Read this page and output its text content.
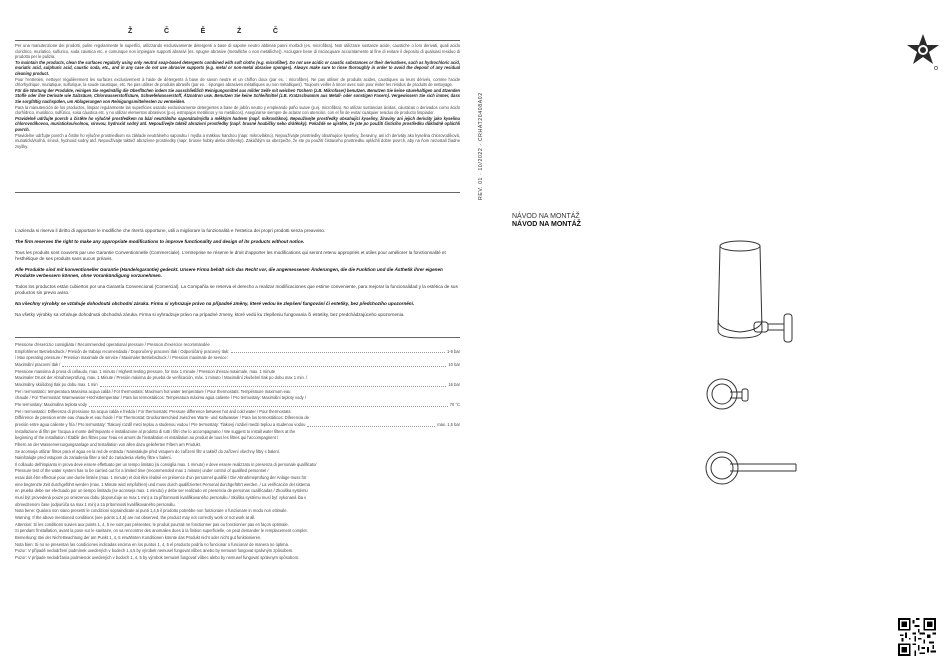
Ž	Č	Ě	Ź	Č

Per una manutenzione dei prodotti, pulire regolarmente le superfici, utilizzando esclusivamente detergenti a base di sapone neutro abbinati panni morbidi (es. microfibra). Non utilizzare sostanze acide, caustiche o loro derivati, quali acido cloridrico, muriatico, sulfurico, soda caustica etc. e comunque non impiegare supporti abrasivi (es. spugne abrasive (metalliche o non metalliche)). Asciugare bene di risciacquare accuratamente al fine di evitare il deposito di qualsiasi residuo di prodotto per le pulizia.

To maintain the products, clean the surfaces regularly using only neutral soap-based detergents combined with soft cloths (e.g. microfiber). Do not use acidic or caustic substances or their derivatives, such as hydrochloric acid, muriatic acid, sulphuric acid, caustic soda, etc., and in any case do not use abrasive supports (e.g. metal or non-metal abrasive sponges). Always make sure to rinse thoroughly in order to avoid the deposit of any residual cleaning product.

Pour l'entretien, nettoyer régulièrement les surfaces exclusivement à l'aide de détergents à base de savon neutre et un chiffon doux (par ex. : microfibre). Ne pas utiliser de produits acides, caustiques ou leurs dérivés, comme l'acide chlorhydrique, muriatique, sulfurique, la soude caustique, etc. Ne pas utiliser de produits abrasifs (par ex. : éponges abrasives métalliques ou non métalliques). Toujours veiller à rincer avec soin pour éviter les résidus de produits de nettoyage.

Für die Wartung der Produkte, reinigen Sie regelmäßig die Oberflächen indem Sie ausschließlich Reinigungsmittel aus milder Seife mit weichen Tüchern (z.B. Mikrofaser) benutzen. Benutzen Sie keine säurehaltigen und ätzenden Stoffe oder ihre Derivate wie Salzsäure, Chlorwasserstoffsäure, Schwefelwasserstoff, Ätznatron usw. Benutzen Sie keine Schleifmittel (z.B. Kratzschwamm aus Metall- oder sonstigen Fasern). Vergewissern Sie sich immer, dass Sie sorgfältig nachspülen, um Ablagerungen von Reinigungsmittelresten zu vermeiden.

Para la manutención de los productos, limpiar regularmente las superficies usando exclusivamente detergentes a base de jabón neutro y empleando paño suave (p.ej. microfibra). No utilizar sustancias ácidas, cáusticas o derivados como ácido clorhídrico, muriático, sulfúrico, sosa cáustica etc. y no utilizar elementos abrasivos (p.ej. estropajos metálicos y no metálicos). Asegúrarse siempre de aclarar con atención, con el fin de evitar cualquier residuo de producto limpiador.

Pravidelně udržujte povrch a čistěte ho výlučně prostředkem na bázi neutrálního saponátu/mýdla a měkkým hadrem (např. mikrovlákno). Nepoužívejte prostředky obsahující kyseliny, žíraviny ani jejich deriváty jako kyselinu chlorovodíkovou, muriatickou/solnou, sírovou, hydroxid sodný atd. Nepoužívejte taktéž abrazivní prostředky (např. brusné houbičky nebo drátěnky). Pokaždé se ujistěte, že jste po použití čisticího prostředku důkladně opláchli povrch.

Pravidelne udržujte povrch a čistite ho výlučne prostriedkom na základe neutrálneho saponátu / mydla a mäkkou handrou (napr. mikrovlákno). Nepoužívajte prostriedky obsahujúce kyseliny, žieraviny, ani ich deriváty ako kyselina chlorovodíková, muriatická/soľná, sírová, hydroxid sodný atď. Nepoužívajte taktiež abrazívne prostriedky (napr. brúsne hubky alebo drôtenky). Zakaždým sa ubezpečte, že ste po použití čistiaceho prostriedku opláchli dobre povrch, aby na ňom nezostali žiadne zvyšky.

L'azienda si riserva il diritto di apportare le modifiche che riterrà opportune, utili a migliorare la funzionalità e l'estetica dei propri prodotti senza preavviso.

The firm reserves the right to make any appropriate modifications to improve functionality and design of its products without notice.

Tous les produits sont couverts par une Garantie Conventionnelle (Commerciale). L'entreprise se réserve le droit d'apporter les modifications qui seront retenu appropriés et utiles pour améliorer la fonctionnalité et l'esthétique de ses produits sans aucun préavis.

Alle Produkte sind mit konventioneller Garantie (Handelsgarantie) gedeckt. Unsere Firma behält sich das Recht vor, die angemessenen Änderungen, die die Funktion und die Ästhetik ihrer eigenen Produkte verbessern können, ohne Vorankündigung vorzunehmen.

Todos los productos están cubiertos por una Garantía Convencional (Comercial). La Compañía se reserva el derecho a realizar modificaciones que estime conveniente, para mejorar la funcionalidad y la estética de sus productos sin previo aviso.

Na všechny výrobky se vztahuje dohodnutá obchodní záruka. Firma si vyhrazuje právo na případné změny, které vedou ke zlepšení fungování či estetiky, bez předchozího upozornění.

Na všetky výrobky sa vzťahuje dohodnutá obchodná záruka. Firma si vyhradzuje právo na prípadné zmeny, ktoré vedú ku zlepšeniu fungovania či estetiky, bez predchádzajúceho upozornenia.

Pressione d'esercizio consigliata / Recommended operational pressure / Pression d'exercice recommandée
Empfohlener Betriebsdruck / Presión de trabajo recomendada / Doporučený pracovní tlak / Odporúčaný pracovný tlak:	1-5 bar
/ Max operating pressure / Pression maximale de service / Maximaler Betriebsdruck / / Pression maximale de service:
Maximální pracovní tlak /	10 bar
Pressione massima di prova di collaudo, max. 1 minuto / Highest testing pressure, for max 1 minute / Pression d'essai maximale, max. 1 minute
Maximaler Druck der Abnahmeprüfung, max. 1 Minute / Presión máxima de prueba de verificación, máx. 1 minuto / Maximální zkušební tlak po dobu max 1 min. /
Maximálny skúšobný tlak po dobu max. 1 min	16 bar
Per i termostatici: temperatura Massima acqua calda / For thermostats: Maximum hot water temperature / Pour thermostats: Température maximum eau
chaude / Für Thermostat: Warmwasser-Höchsttemperatur / Para los termostáticos: Temperatura máxima agua caliente / Pro termostaty: Maximální teploty vody /
Pre termostaty: Maximálna teplota vody	70 °C
Per i termostatici: Differenza di pressione tra acqua calda e fredda / For thermostats: Pressure difference between hot and cold water / Pour thermostats:
Différence de pression entre eau chaude et eau froide / Für Thermostat: Druckunterschied zwischen Warm- und Kaltwasser / Para los termostáticos: Diferencia de
presión entre agua caliente y fría / Pro termostaty: Tlakový rozdíl mezi teplou a studenou vodou / Pre termostaty: Tlakový rozdiel medzi teplou a studenou vodou	max. 1,5 bar
Installazione di filtri per l'acqua a monte dell'impianto e installazione al prodotto di tutti i filtri che lo accompagnano / We suggest to install water filters at the
beginning of the installation / Établir des filtres pour l'eau en amont de l'installation et installation au produit de tous les filtres qui l'accompagnent /
Filtern an der Wasserversorgungsanlage und Installation von allen dazu gelieferten Filtern am Produkt.
Se aconseja utilizar filtros para el agua en la red de entrada / Nainstalujte před vstupem do zařízení filtr a taktéž do zařízení všechny filtry s balení.
Nainštalujte pred vstupom do zariadenia filter a tiež do zariadenia všetky filtre v balení.
Il collaudo dell'impianto in prova deve essere effettuato per un tempo limitato (si consiglia max. 1 minuto) e deve essere realizzato in presenza di personale qualificato/
Pressure test of the water system has to be carried out for a limited time (recommended max 1 minute) under control of qualified personnel /
essai doit être effectué pour une durée limitée (max. 1 minute) et doit être réalisé en présence d'un personnel qualifié / Die Abnahmeprüfung der Anlage muss für
eine begrenzte Zeit durchgeführt werden (max. 1 Minute wird empfohlen) und muss durch qualifiziertes Personal durchgeführt werden. / La verificación del sistema
en prueba debe ser efectuado por un tiempo limitado (se aconseja max. 1 minuto) y debe ser realizado en presencia de personas cualificadas / Zkouška systému
musí být provedená pouze po omezenou dobu (doporučuje se max 1 min) a za přítomnosti kvalifikovaného personálu / Skúška systému musí byť vykonaná iba v
obmedzenom čase (odporúča sa max 1 min) a za prítomnosti kvalifikovaného personálu.
Nota bene: Qualora non siano presenti le condizioni sopraindicate ai punti 1,4,5 il prodotto potrebbe non funzionare o funzionare in modo non ottimale.
Warning: If the above mentioned conditions (see points 1,4,5) are not observed, the product may not correctly work or not work at all.
Attention: Si les conditions suivies aux points 1, 4, 5 ne sont pas présentes, le produit pourrait ne fonctionner pas ou fonctionner pas en façon optimale.
Si pendant l'installation, avant la pose sur le sanitaire, on va rencontrer des anomalies dues à la finition superficielle, on peut demander le remplacement complet.
Bemerkung: Bei der Nicht-Beachtung der am Punkt 1, 4, 5 erwähnten Konditionen könnte das Produkt nicht oder nicht gut funktionieren.
Nota bien: Si no se presentan las condiciones indicadas encima en los puntos 1, 4, 5 el producto podría no funcionar o funcionar de manera no óptima.
Pozor: V případě nedodržení podmínek uvedených v bodech 1,4,5 by výrobek nemusel fungovat vůbec anebo by nemusel fungovat správným způsobem.
Pozor: V prípade nedodržania podmienok uvedených v bodoch 1, 4, 5 by výrobok nemusel fungovať vôbec alebo by nemusel fungovať správnym spôsobom.
REV. 01 · 10/2022 · CRHAT20408A02
NÁVOD NA MONTÁŽ
NÁVOD NA MONTÁŽ
